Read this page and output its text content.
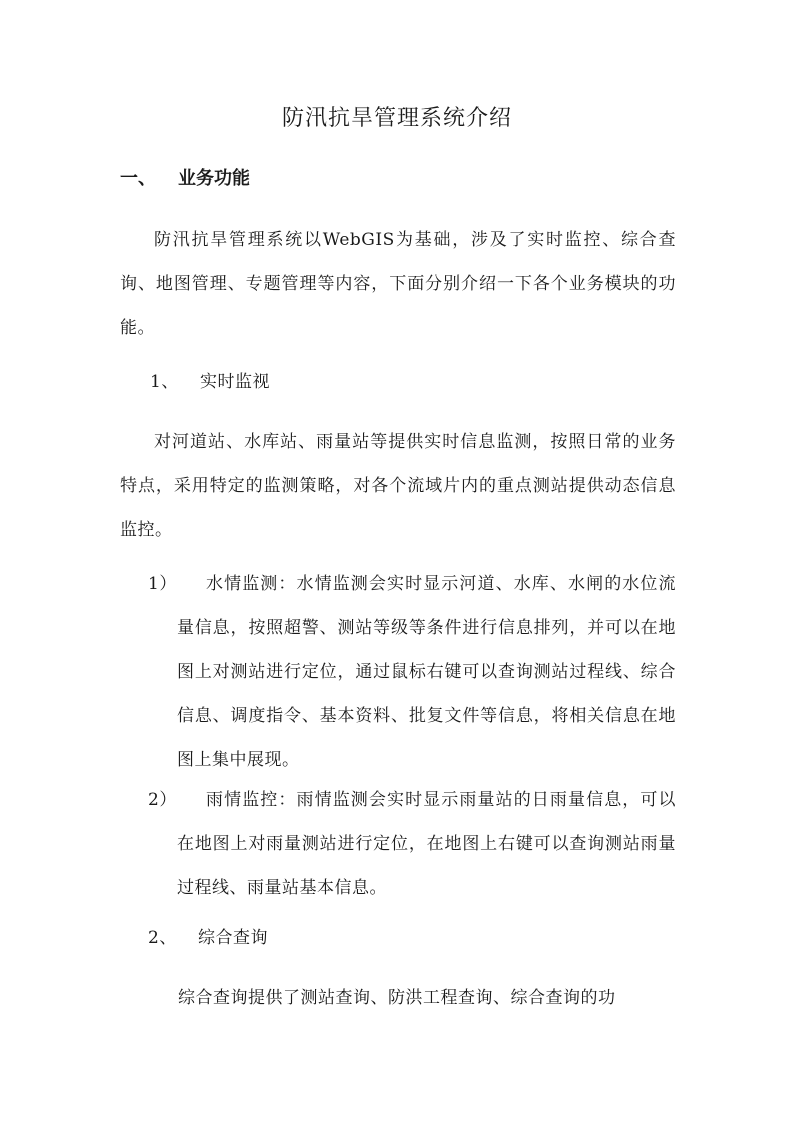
防汛抗旱管理系统介绍
一、 业务功能

防汛抗旱管理系统以WebGIS为基础，涉及了实时监控、综合查询、地图管理、专题管理等内容，下面分别介绍一下各个业务模块的功能。

1、 实时监视

对河道站、水库站、雨量站等提供实时信息监测，按照日常的业务特点，采用特定的监测策略，对各个流域片内的重点测站提供动态信息监控。

1）	水情监测：水情监测会实时显示河道、水库、水闸的水位流量信息，按照超警、测站等级等条件进行信息排列，并可以在地图上对测站进行定位，通过鼠标右键可以查询测站过程线、综合信息、调度指令、基本资料、批复文件等信息，将相关信息在地图上集中展现。
2）	雨情监控：雨情监测会实时显示雨量站的日雨量信息，可以在地图上对雨量测站进行定位，在地图上右键可以查询测站雨量过程线、雨量站基本信息。
2、 综合查询

综合查询提供了测站查询、防洪工程查询、综合查询的功
